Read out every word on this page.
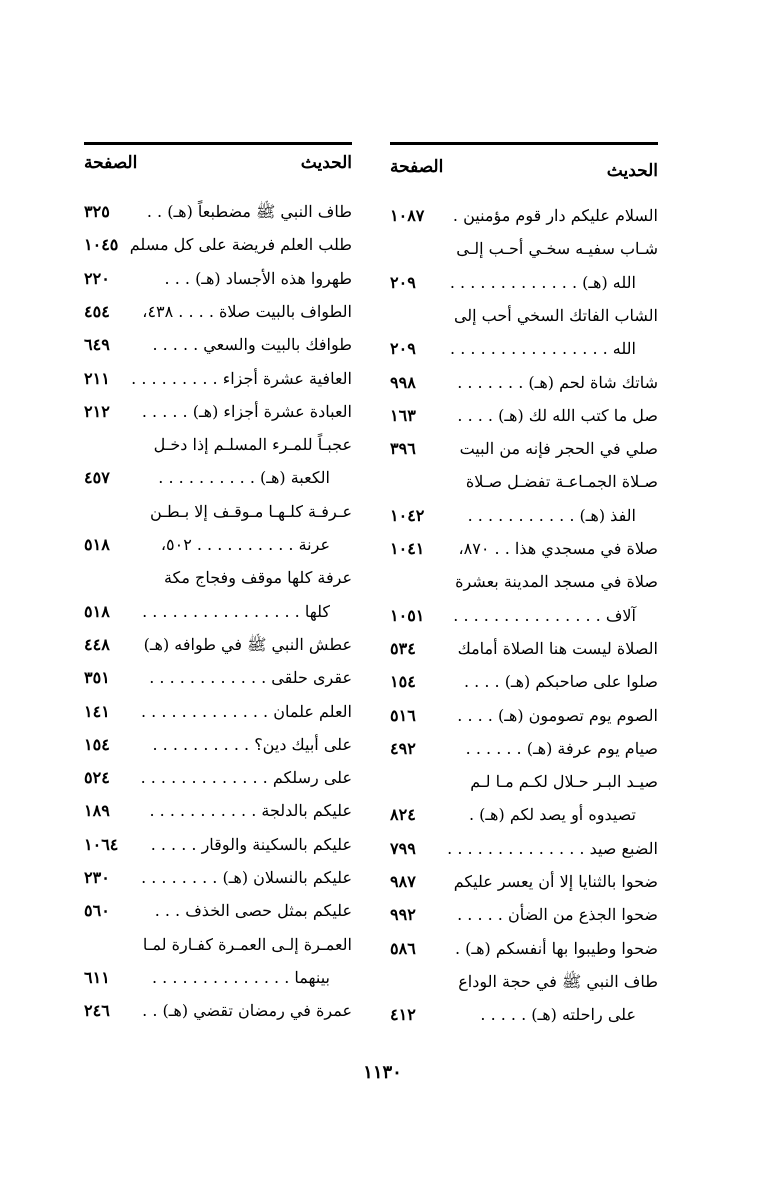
الحديث
الصفحة
السلام عليكم دار قوم مؤمنين .
١٠٨٧
شـاب سفيـه سخـي أحـب إلـى
الله (هـ) . . . . . . . . . . . . .
٢٠٩
الشاب الفاتك السخي أحب إلى
الله . . . . . . . . . . . . . . . .
٢٠٩
شاتك شاة لحم (هـ) . . . . . . .
٩٩٨
صل ما كتب الله لك (هـ) . . . .
١٦٣
صلي في الحجر فإنه من البيت
٣٩٦
صـلاة الجمـاعـة تفضـل صـلاة
الفذ (هـ) . . . . . . . . . . .
١٠٤٢
صلاة في مسجدي هذا . . ٨٧٠،
١٠٤١
صلاة في مسجد المدينة بعشرة
آلاف . . . . . . . . . . . . . . .
١٠٥١
الصلاة ليست هنا الصلاة أمامك
٥٣٤
صلوا على صاحبكم (هـ) . . . .
١٥٤
الصوم يوم تصومون (هـ) . . . .
٥١٦
صيام يوم عرفة (هـ) . . . . . .
٤٩٢
صيـد البـر حـلال لكـم مـا لـم
تصيدوه أو يصد لكم (هـ) .
٨٢٤
الضبع صيد . . . . . . . . . . . . . .
٧٩٩
ضحوا بالثنايا إلا أن يعسر عليكم
٩٨٧
ضحوا الجذع من الضأن . . . . .
٩٩٢
ضحوا وطيبوا بها أنفسكم (هـ) .
٥٨٦
طاف النبي ﷺ في حجة الوداع
على راحلته (هـ) . . . . .
٤١٢
الحديث
الصفحة
طاف النبي ﷺ مضطبعاً (هـ) . .
٣٢٥
طلب العلم فريضة على كل مسلم
١٠٤٥
طهروا هذه الأجساد (هـ) . . .
٢٢٠
الطواف بالبيت صلاة . . . . ٤٣٨،
٤٥٤
طوافك بالبيت والسعي . . . . .
٦٤٩
العافية عشرة أجزاء . . . . . . . . .
٢١١
العبادة عشرة أجزاء (هـ) . . . . .
٢١٢
عجبـاً للمـرء المسلـم إذا دخـل
الكعبة (هـ) . . . . . . . . . .
٤٥٧
عـرفـة كلـهـا مـوقـف إلا بـطـن
عرنة . . . . . . . . . . ٥٠٢،
٥١٨
عرفة كلها موقف وفجاج مكة
كلها . . . . . . . . . . . . . . . .
٥١٨
عطش النبي ﷺ في طوافه (هـ)
٤٤٨
عقرى حلقى . . . . . . . . . . . .
٣٥١
العلم علمان . . . . . . . . . . . . .
١٤١
على أبيك دين؟ . . . . . . . . . .
١٥٤
على رسلكم . . . . . . . . . . . . .
٥٢٤
عليكم بالدلجة . . . . . . . . . . .
١٨٩
عليكم بالسكينة والوقار . . . . .
١٠٦٤
عليكم بالنسلان (هـ) . . . . . . . .
٢٣٠
عليكم بمثل حصى الخذف . . .
٥٦٠
العمـرة إلـى العمـرة كفـارة لمـا
بينهما . . . . . . . . . . . . . .
٦١١
عمرة في رمضان تقضي (هـ) . .
٢٤٦
١١٣٠
